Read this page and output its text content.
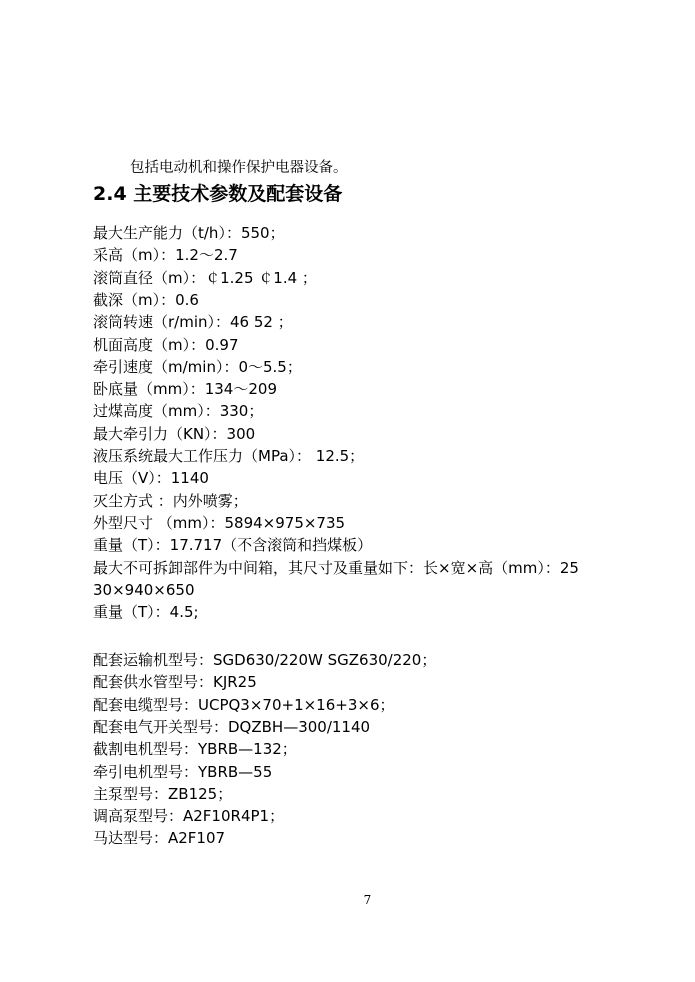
包括电动机和操作保护电器设备。
2.4 主要技术参数及配套设备
最大生产能力（t/h）：550；
采高（m）：1.2～2.7
滚筒直径（m）：￠1.25 ￠1.4 ；
截深（m）：0.6
滚筒转速（r/min）：46 52 ；
机面高度（m）：0.97
牵引速度（m/min）：0～5.5；
卧底量（mm）：134～209
过煤高度（mm）：330；
最大牵引力（KN）：300
液压系统最大工作压力（MPa）： 12.5；
电压（V）：1140
灭尘方式 ：内外喷雾；
外型尺寸 （mm）：5894×975×735
重量（T）：17.717（不含滚筒和挡煤板）
最大不可拆卸部件为中间箱，其尺寸及重量如下：长×宽×高（mm）：25
30×940×650
重量（T）：4.5;
配套运输机型号：SGD630/220W SGZ630/220；
配套供水管型号：KJR25
配套电缆型号：UCPQ3×70+1×16+3×6；
配套电气开关型号：DQZBH—300/1140
截割电机型号：YBRB—132；
牵引电机型号：YBRB—55
主泵型号：ZB125；
调高泵型号：A2F10R4P1；
马达型号：A2F107
7
